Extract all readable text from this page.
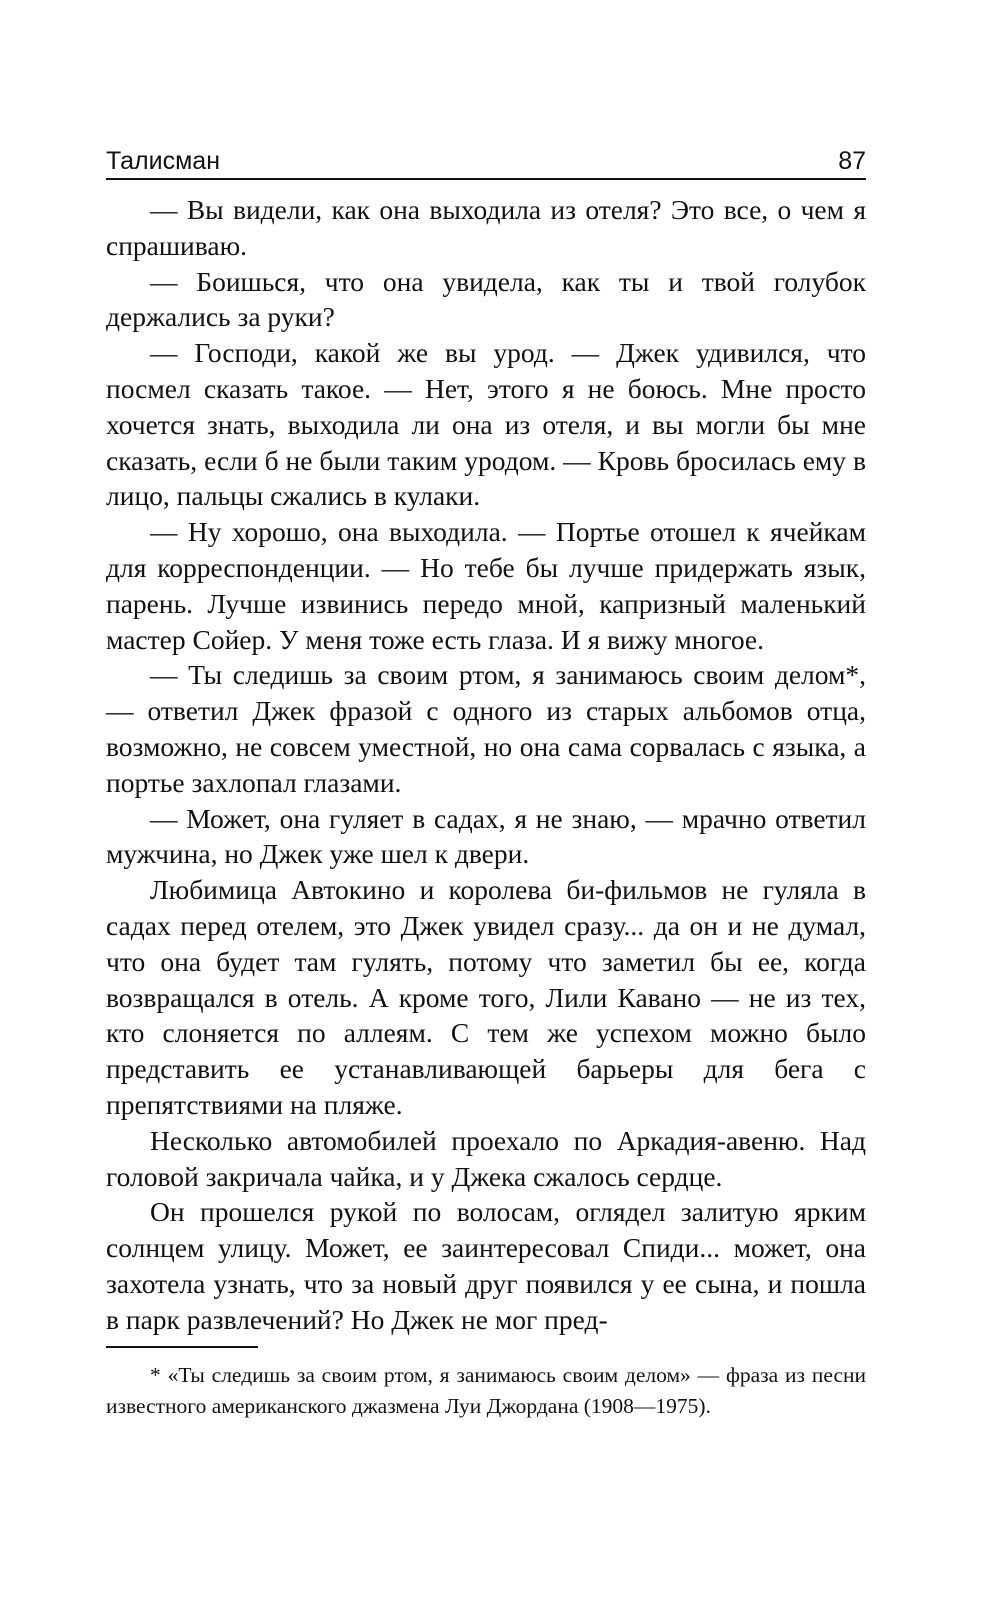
Талисман	87

— Вы видели, как она выходила из отеля? Это все, о чем я спрашиваю.

— Боишься, что она увидела, как ты и твой голубок держались за руки?

— Господи, какой же вы урод. — Джек удивился, что посмел сказать такое. — Нет, этого я не боюсь. Мне просто хочется знать, выходила ли она из отеля, и вы могли бы мне сказать, если б не были таким уродом. — Кровь бросилась ему в лицо, пальцы сжались в кулаки.

— Ну хорошо, она выходила. — Портье отошел к ячейкам для корреспонденции. — Но тебе бы лучше придержать язык, парень. Лучше извинись передо мной, капризный маленький мастер Сойер. У меня тоже есть глаза. И я вижу многое.

— Ты следишь за своим ртом, я занимаюсь своим делом*, — ответил Джек фразой с одного из старых альбомов отца, возможно, не совсем уместной, но она сама сорвалась с языка, а портье захлопал глазами.

— Может, она гуляет в садах, я не знаю, — мрачно ответил мужчина, но Джек уже шел к двери.

Любимица Автокино и королева би-фильмов не гуляла в садах перед отелем, это Джек увидел сразу... да он и не думал, что она будет там гулять, потому что заметил бы ее, когда возвращался в отель. А кроме того, Лили Кавано — не из тех, кто слоняется по аллеям. С тем же успехом можно было представить ее устанавливающей барьеры для бега с препятствиями на пляже.

Несколько автомобилей проехало по Аркадия-авеню. Над головой закричала чайка, и у Джека сжалось сердце.

Он прошелся рукой по волосам, оглядел залитую ярким солнцем улицу. Может, ее заинтересовал Спиди... может, она захотела узнать, что за новый друг появился у ее сына, и пошла в парк развлечений? Но Джек не мог пред-

* «Ты следишь за своим ртом, я занимаюсь своим делом» — фраза из песни известного американского джазмена Луи Джордана (1908—1975).
